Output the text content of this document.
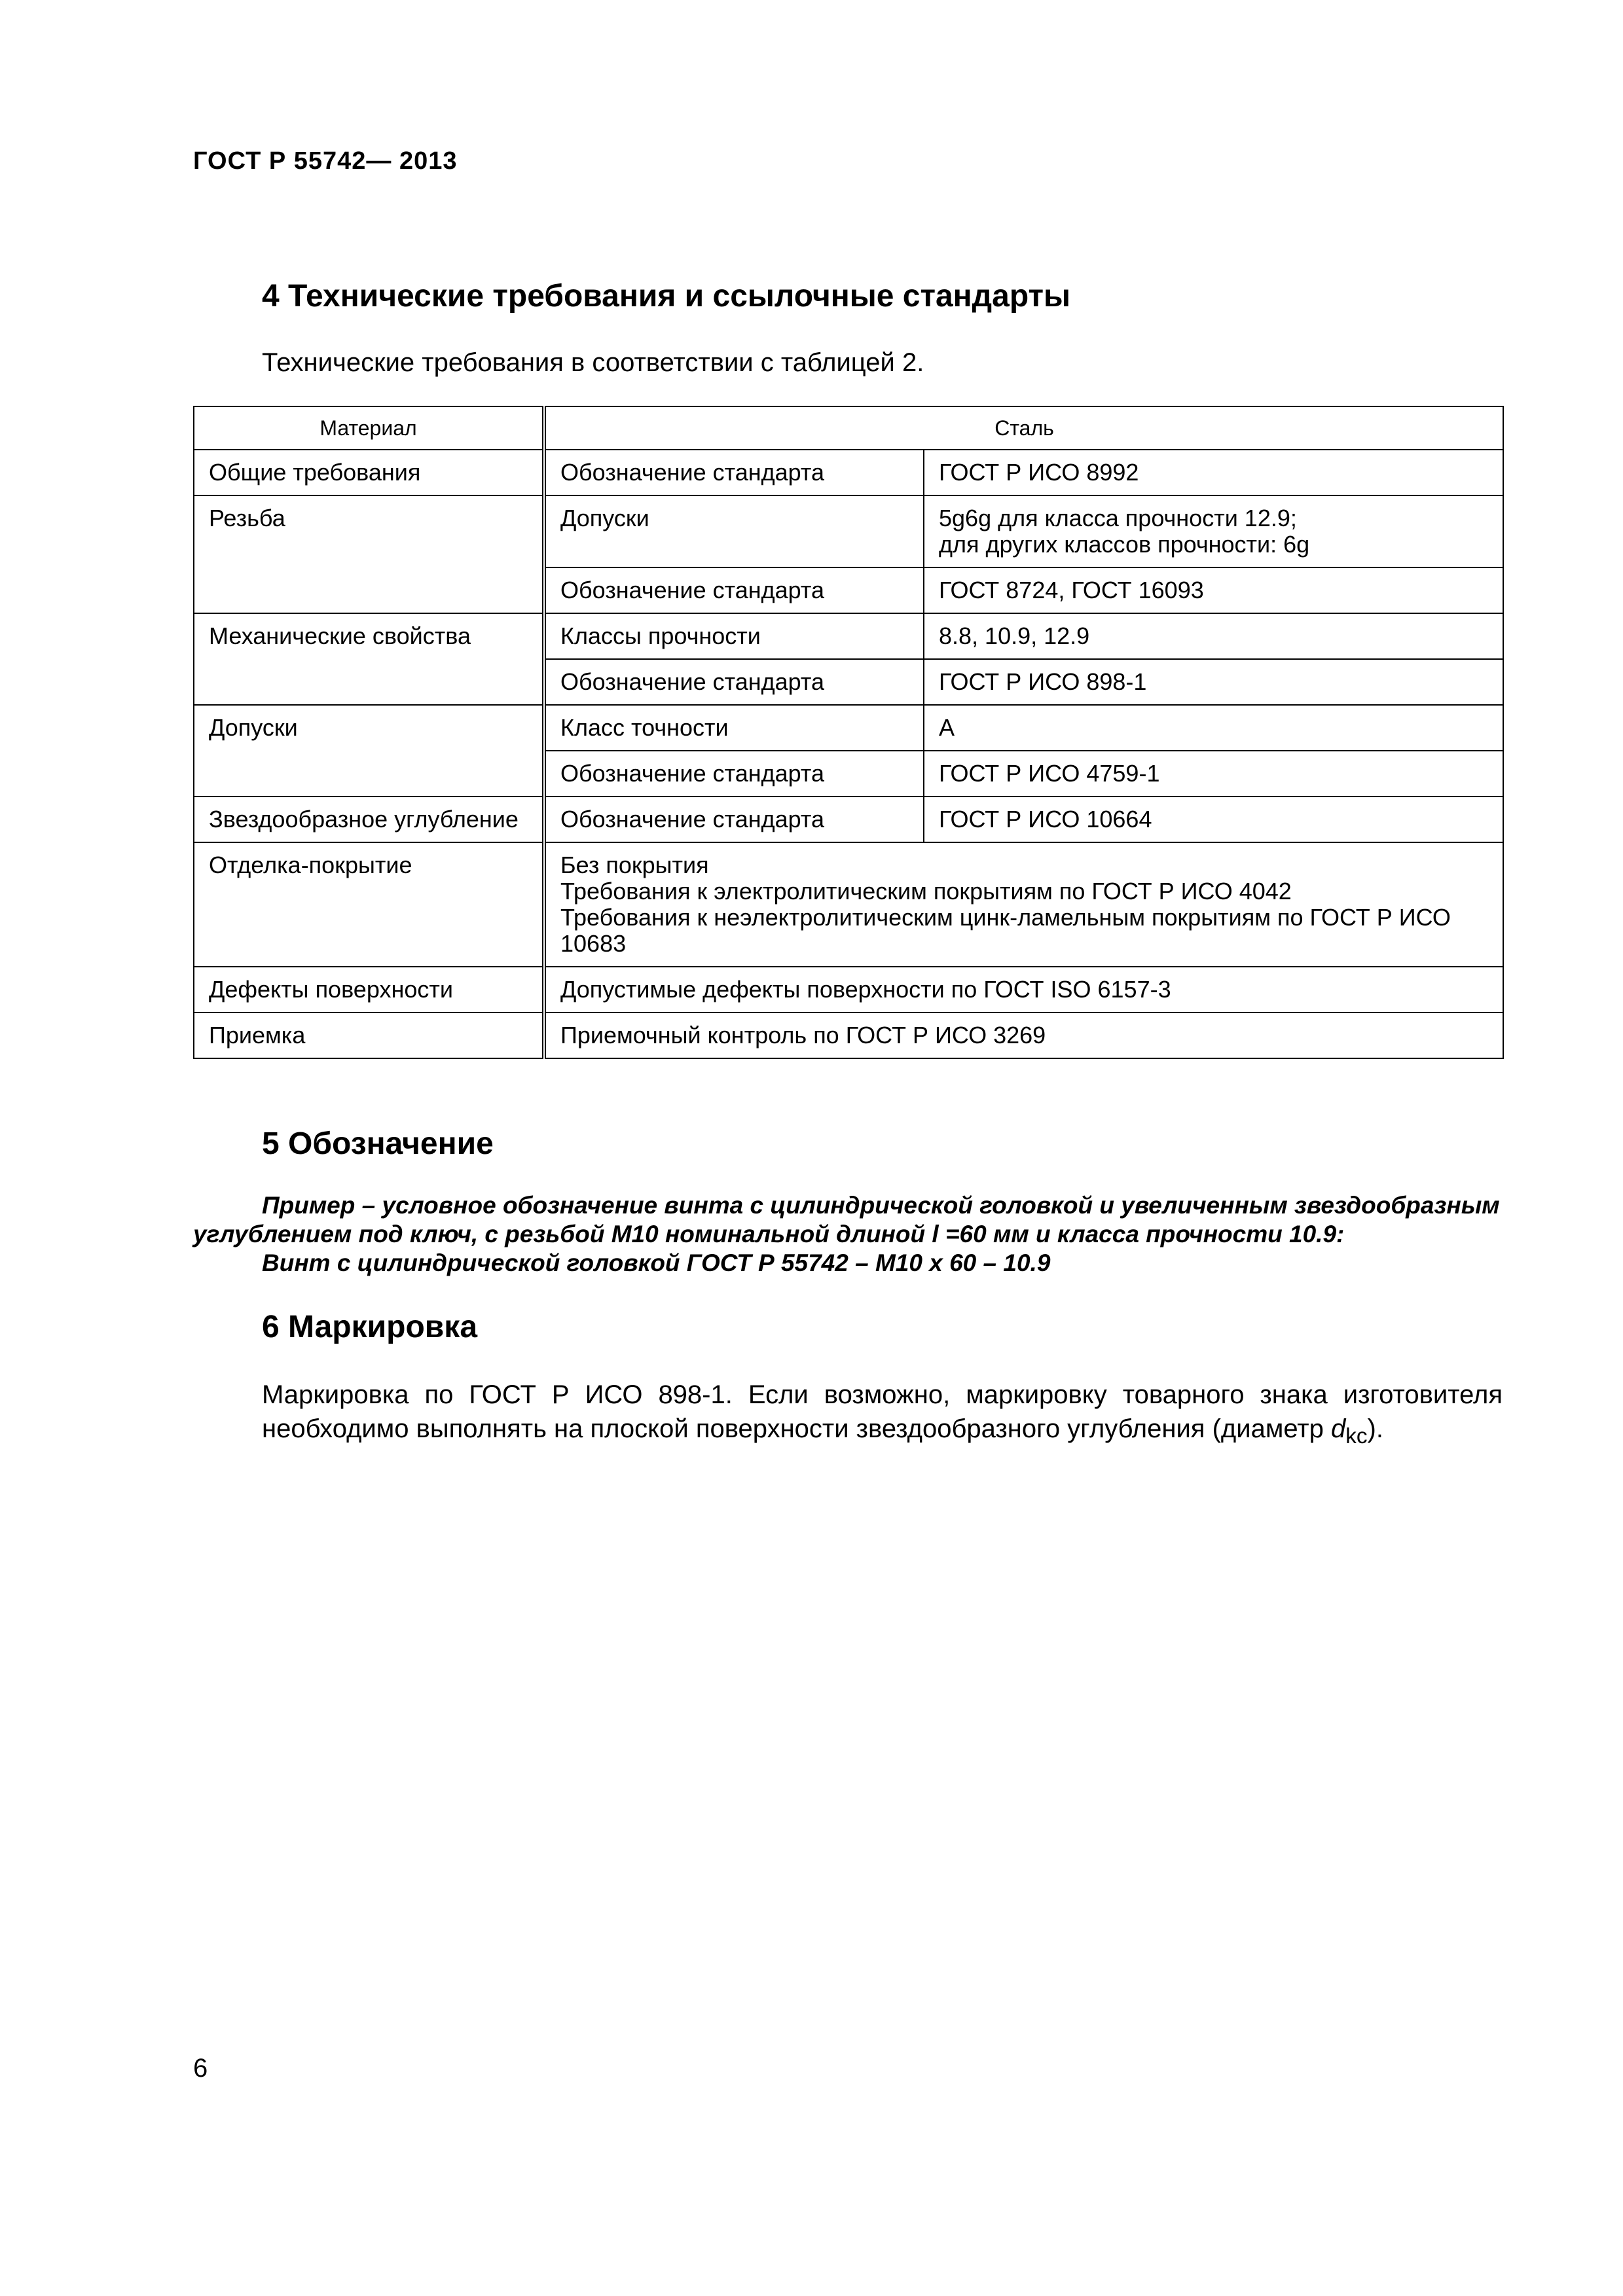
ГОСТ Р 55742— 2013
4 Технические требования и ссылочные стандарты
Технические требования в соответствии с таблицей 2.
Материал	Сталь	
Общие требования	Обозначение стандарта	ГОСТ Р ИСО 8992
Резьба	Допуски	5g6g для класса прочности 12.9;
для других классов прочности: 6g
	Обозначение стандарта	ГОСТ 8724, ГОСТ 16093
Механические свойства	Классы прочности	8.8, 10.9, 12.9
	Обозначение стандарта	ГОСТ Р ИСО 898-1
Допуски	Класс точности	A
	Обозначение стандарта	ГОСТ Р ИСО 4759-1
Звездообразное углубление	Обозначение стандарта	ГОСТ Р ИСО 10664
Отделка-покрытие	Без покрытия
Требования к электролитическим покрытиям по ГОСТ Р ИСО 4042
Требования к неэлектролитическим цинк-ламельным покрытиям по ГОСТ Р ИСО 10683	
Дефекты поверхности	Допустимые дефекты поверхности по ГОСТ ISO 6157-3	
Приемка	Приемочный контроль по ГОСТ Р ИСО 3269	
5 Обозначение
Пример – условное обозначение винта с цилиндрической головкой и увеличенным звездообразным
углублением под ключ, с резьбой М10 номинальной длиной l =60 мм и класса прочности 10.9:
Винт с цилиндрической головкой ГОСТ Р 55742 – M10 x 60 – 10.9
6 Маркировка
Маркировка по ГОСТ Р ИСО 898-1. Если возможно, маркировку товарного знака изготовителя необходимо выполнять на плоской поверхности звездообразного углубления (диаметр $d_{kc}$).
6
